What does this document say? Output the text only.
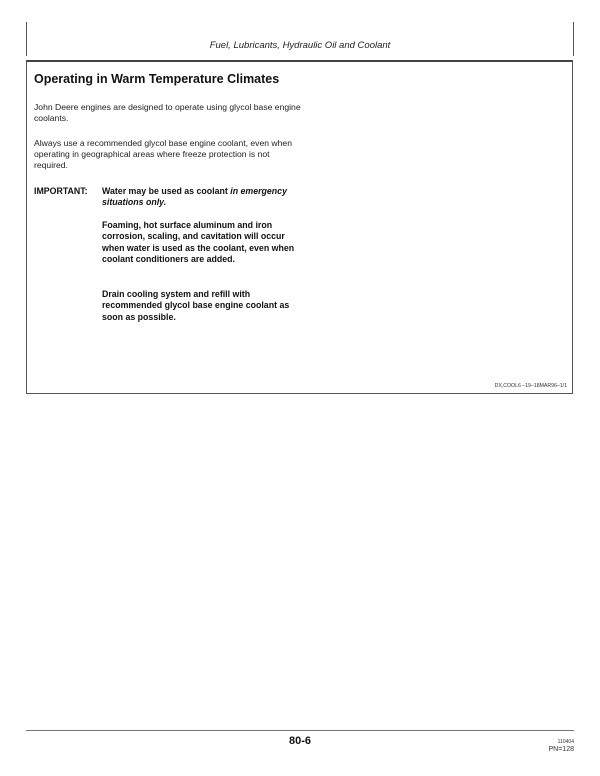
Fuel, Lubricants, Hydraulic Oil and Coolant
Operating in Warm Temperature Climates

John Deere engines are designed to operate using glycol base engine coolants.

Always use a recommended glycol base engine coolant, even when operating in geographical areas where freeze protection is not required.

IMPORTANT: Water may be used as coolant in emergency situations only.

Foaming, hot surface aluminum and iron corrosion, scaling, and cavitation will occur when water is used as the coolant, even when coolant conditioners are added.

Drain cooling system and refill with recommended glycol base engine coolant as soon as possible.

DX,COOL6 –19–18MAR96–1/1
80-6	110404
PN=128
